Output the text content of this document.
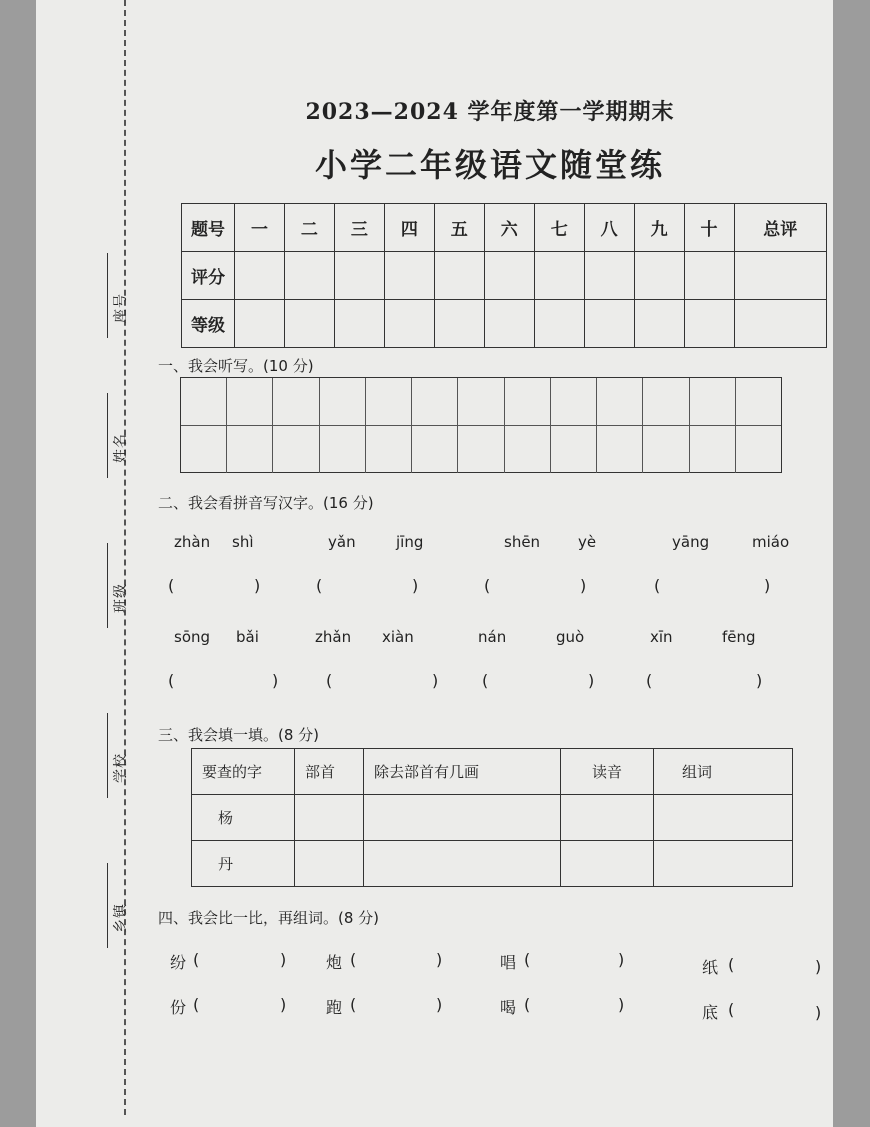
座号
姓名
班级
学校
乡镇
2023—2024 学年度第一学期期末
小学二年级语文随堂练
题号	一	二	三	四	五	六	七	八	九	十	总评
评分											
等级											
一、我会听写。(10 分)
二、我会看拼音写汉字。(16 分)
zhàn shì	yǎn	jīng	shēn	yè	yāng	miáo
(	)	(	)	(	)	(	)
sōng bǎi	zhǎn xiàn	nán	guò	xīn	fēng
(	)	(	)	(	)	(	)
三、我会填一填。(8 分)
要查的字	部首	除去部首有几画	读音	组词
杨				
丹				
四、我会比一比，再组词。(8 分)
纷 (	) 炮 (	)	唱 (	)	纸 (	)
份 (	) 跑 (	)	喝 (	)	底 (	)
